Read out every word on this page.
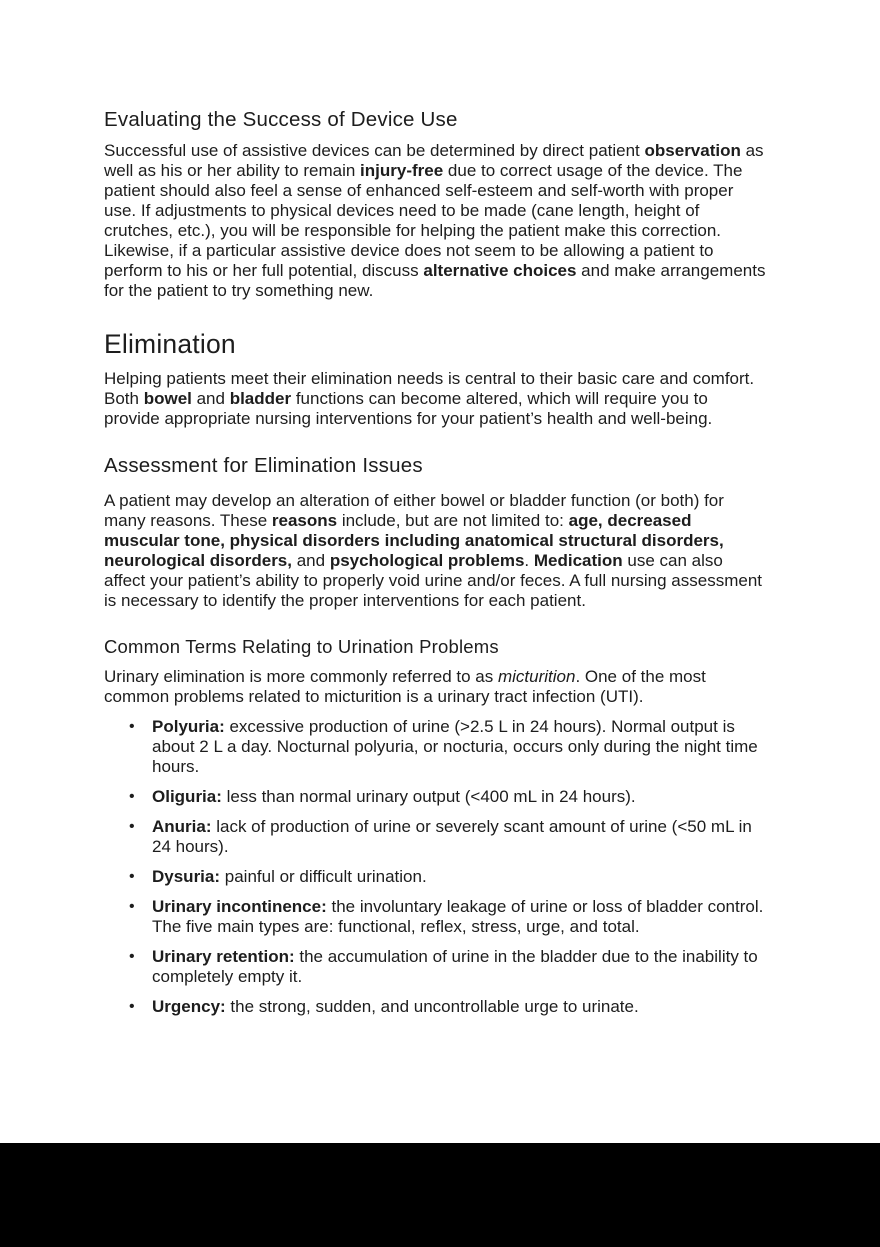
Evaluating the Success of Device Use

Successful use of assistive devices can be determined by direct patient observation as
well as his or her ability to remain injury-free due to correct usage of the device. The
patient should also feel a sense of enhanced self-esteem and self-worth with proper
use. If adjustments to physical devices need to be made (cane length, height of
crutches, etc.), you will be responsible for helping the patient make this correction.
Likewise, if a particular assistive device does not seem to be allowing a patient to
perform to his or her full potential, discuss alternative choices and make arrangements
for the patient to try something new.

Elimination

Helping patients meet their elimination needs is central to their basic care and comfort.
Both bowel and bladder functions can become altered, which will require you to
provide appropriate nursing interventions for your patient’s health and well-being.

Assessment for Elimination Issues

A patient may develop an alteration of either bowel or bladder function (or both) for
many reasons. These reasons include, but are not limited to: age, decreased
muscular tone, physical disorders including anatomical structural disorders,
neurological disorders, and psychological problems. Medication use can also
affect your patient’s ability to properly void urine and/or feces. A full nursing assessment
is necessary to identify the proper interventions for each patient.

Common Terms Relating to Urination Problems

Urinary elimination is more commonly referred to as micturition. One of the most
common problems related to micturition is a urinary tract infection (UTI).

• Polyuria: excessive production of urine (>2.5 L in 24 hours). Normal output is
about 2 L a day. Nocturnal polyuria, or nocturia, occurs only during the night time
hours.
• Oliguria: less than normal urinary output (<400 mL in 24 hours).
• Anuria: lack of production of urine or severely scant amount of urine (<50 mL in
24 hours).
• Dysuria: painful or difficult urination.
• Urinary incontinence: the involuntary leakage of urine or loss of bladder control.
The five main types are: functional, reflex, stress, urge, and total.
• Urinary retention: the accumulation of urine in the bladder due to the inability to
completely empty it.
• Urgency: the strong, sudden, and uncontrollable urge to urinate.
